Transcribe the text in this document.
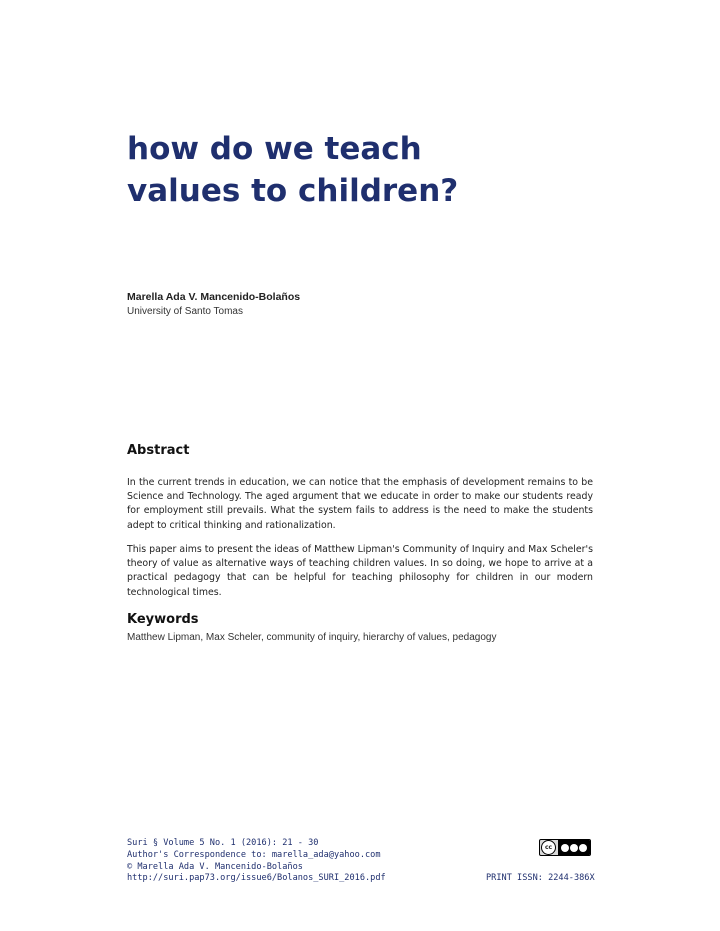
how do we teach
values to children?
Marella Ada V. Mancenido-Bolaños
University of Santo Tomas
Abstract

In the current trends in education, we can notice that the emphasis of development remains to be Science and Technology. The aged argument that we educate in order to make our students ready for employment still prevails. What the system fails to address is the need to make the students adept to critical thinking and rationalization.

This paper aims to present the ideas of Matthew Lipman's Community of Inquiry and Max Scheler's theory of value as alternative ways of teaching children values. In so doing, we hope to arrive at a practical pedagogy that can be helpful for teaching philosophy for children in our modern technological times.

Keywords
Matthew Lipman, Max Scheler, community of inquiry, hierarchy of values, pedagogy
Suri § Volume 5 No. 1 (2016): 21 - 30
Author's Correspondence to: marella_ada@yahoo.com
© Marella Ada V. Mancenido-Bolaños
http://suri.pap73.org/issue6/Bolanos_SURI_2016.pdf
cc
PRINT ISSN: 2244-386X
